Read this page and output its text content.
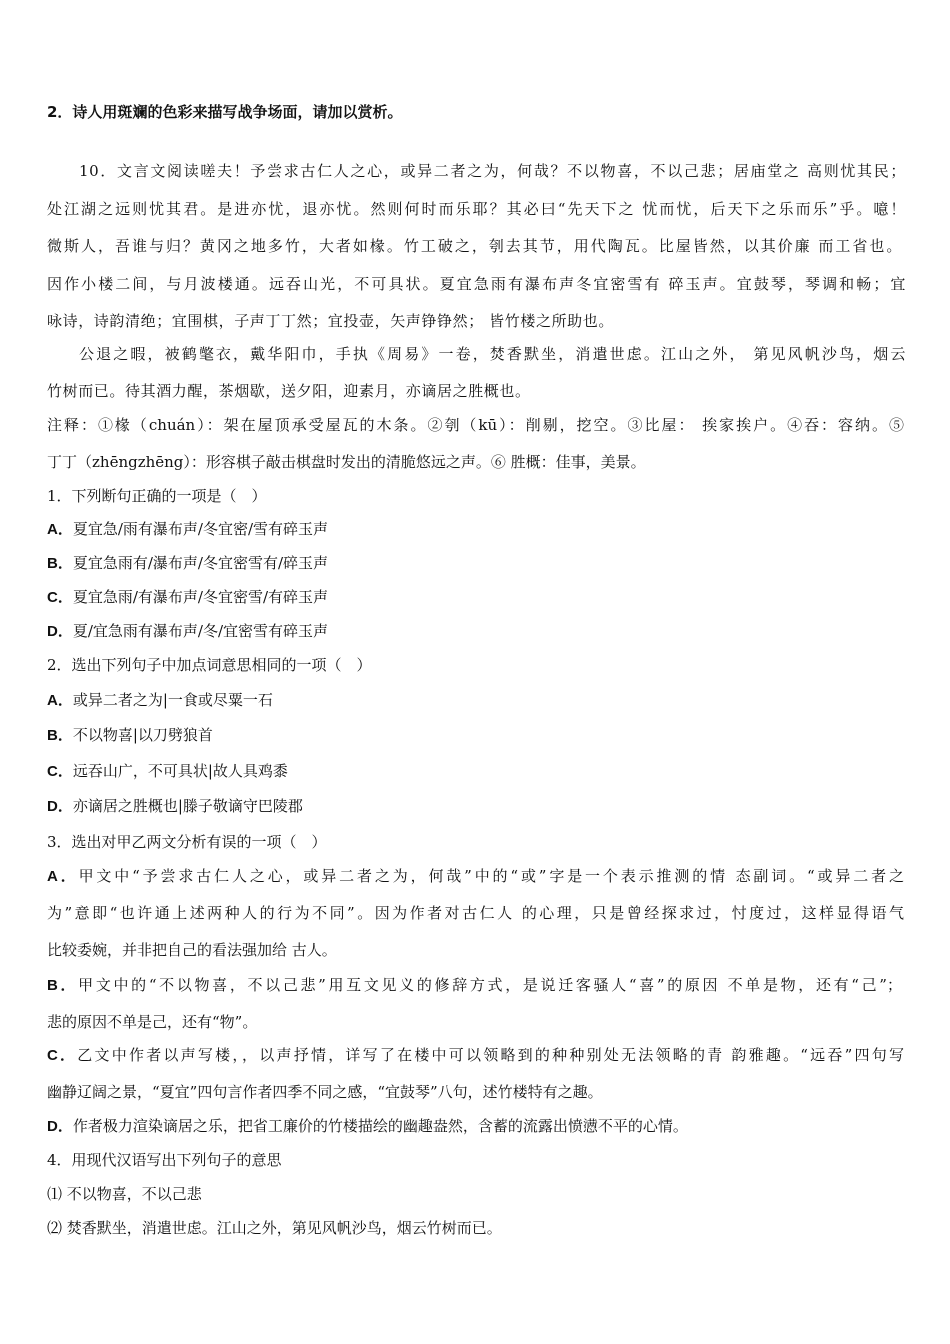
2．诗人用斑斓的色彩来描写战争场面，请加以赏析。
10．文言文阅读嗟夫！予尝求古仁人之心，或异二者之为，何哉？不以物喜，不以己悲；居庙堂之 高则忧其民；
处江湖之远则忧其君。是进亦忧，退亦忧。然则何时而乐耶？其必曰“先天下之 忧而忧，后天下之乐而乐”乎。噫！
微斯人，吾谁与归？黄冈之地多竹，大者如椽。竹工破之，刳去其节，用代陶瓦。比屋皆然，以其价廉 而工省也。
因作小楼二间，与月波楼通。远吞山光，不可具状。夏宜急雨有瀑布声冬宜密雪有 碎玉声。宜鼓琴，琴调和畅；宜
咏诗，诗韵清绝；宜围棋，子声丁丁然；宜投壶，矢声铮铮然； 皆竹楼之所助也。
公退之暇，被鹤氅衣，戴华阳巾，手执《周易》一卷，焚香默坐，消遣世虑。江山之外， 第见风帆沙鸟，烟云
竹树而已。待其酒力醒，茶烟歇，送夕阳，迎素月，亦谪居之胜概也。
注释：①椽（chuán）：架在屋顶承受屋瓦的木条。②刳（kū）：削剔，挖空。③比屋： 挨家挨户。④吞：容纳。⑤
丁丁（zhēngzhēng）：形容棋子敲击棋盘时发出的清脆悠远之声。⑥ 胜概：佳事，美景。
1．下列断句正确的一项是（　）
A．夏宜急/雨有瀑布声/冬宜密/雪有碎玉声
B．夏宜急雨有/瀑布声/冬宜密雪有/碎玉声
C．夏宜急雨/有瀑布声/冬宜密雪/有碎玉声
D．夏/宜急雨有瀑布声/冬/宜密雪有碎玉声
2．选出下列句子中加点词意思相同的一项（　）
A．或异二者之为|一食或尽粟一石
B．不以物喜|以刀劈狼首
C．远吞山广，不可具状|故人具鸡黍
D．亦谪居之胜概也|滕子敬谪守巴陵郡
3．选出对甲乙两文分析有误的一项（　）
A．甲文中“予尝求古仁人之心，或异二者之为，何哉”中的“或”字是一个表示推测的情 态副词。“或异二者之
为”意即“也许通上述两种人的行为不同”。因为作者对古仁人 的心理，只是曾经探求过，忖度过，这样显得语气
比较委婉，并非把自己的看法强加给 古人。
B．甲文中的“不以物喜，不以己悲”用互文见义的修辞方式，是说迁客骚人“喜”的原因 不单是物，还有“己”；
悲的原因不单是己，还有“物”。
C．乙文中作者以声写楼，，以声抒情，详写了在楼中可以领略到的种种别处无法领略的青 韵雅趣。“远吞”四句写
幽静辽阔之景，“夏宜”四句言作者四季不同之感，“宜鼓琴”八句，述竹楼特有之趣。
D．作者极力渲染谪居之乐，把省工廉价的竹楼描绘的幽趣盎然，含蓄的流露出愤懑不平的心情。
4．用现代汉语写出下列句子的意思
⑴ 不以物喜，不以己悲
⑵ 焚香默坐，消遣世虑。江山之外，第见风帆沙鸟，烟云竹树而已。
